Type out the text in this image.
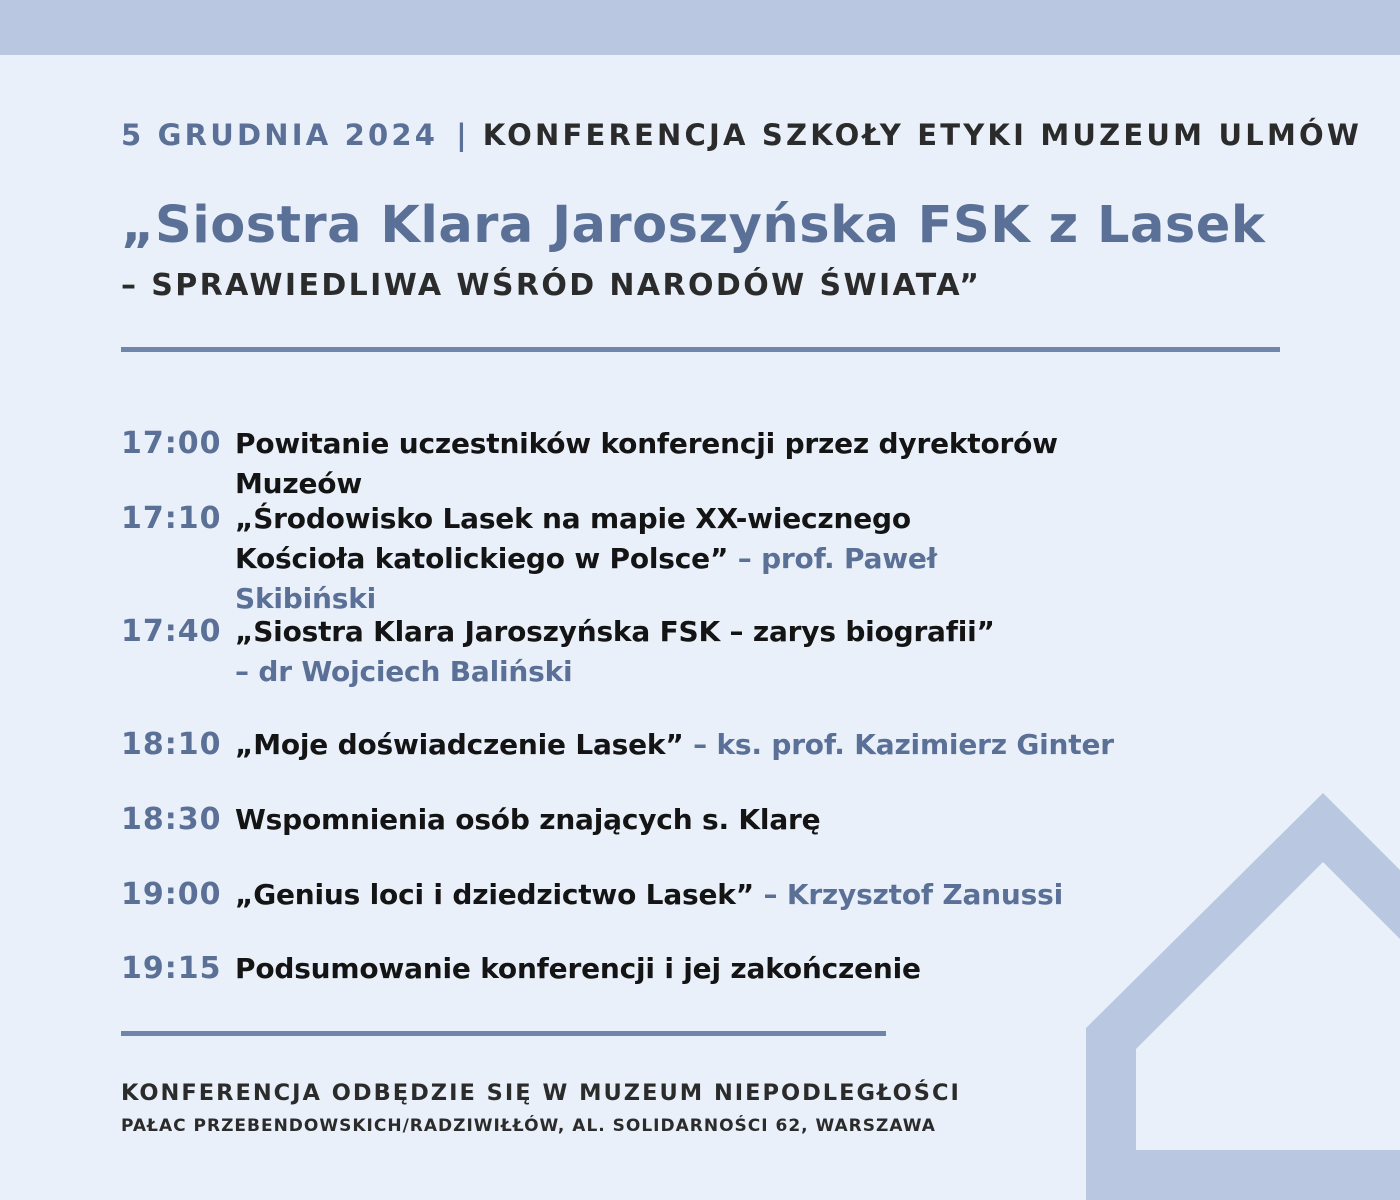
5 GRUDNIA 2024 | KONFERENCJA SZKOŁY ETYKI MUZEUM ULMÓW
„Siostra Klara Jaroszyńska FSK z Lasek
– SPRAWIEDLIWA WŚRÓD NARODÓW ŚWIATA”
17:00 Powitanie uczestników konferencji przez dyrektorów Muzeów
17:10 „Środowisko Lasek na mapie XX-wiecznego Kościoła katolickiego w Polsce” – prof. Paweł Skibiński
17:40 „Siostra Klara Jaroszyńska FSK – zarys biografii”
– dr Wojciech Baliński
18:10 „Moje doświadczenie Lasek” – ks. prof. Kazimierz Ginter
18:30 Wspomnienia osób znających s. Klarę
19:00 „Genius loci i dziedzictwo Lasek” – Krzysztof Zanussi
19:15 Podsumowanie konferencji i jej zakończenie
KONFERENCJA ODBĘDZIE SIĘ W MUZEUM NIEPODLEGŁOŚCI
PAŁAC PRZEBENDOWSKICH/RADZIWIŁŁÓW, AL. SOLIDARNOŚCI 62, WARSZAWA
